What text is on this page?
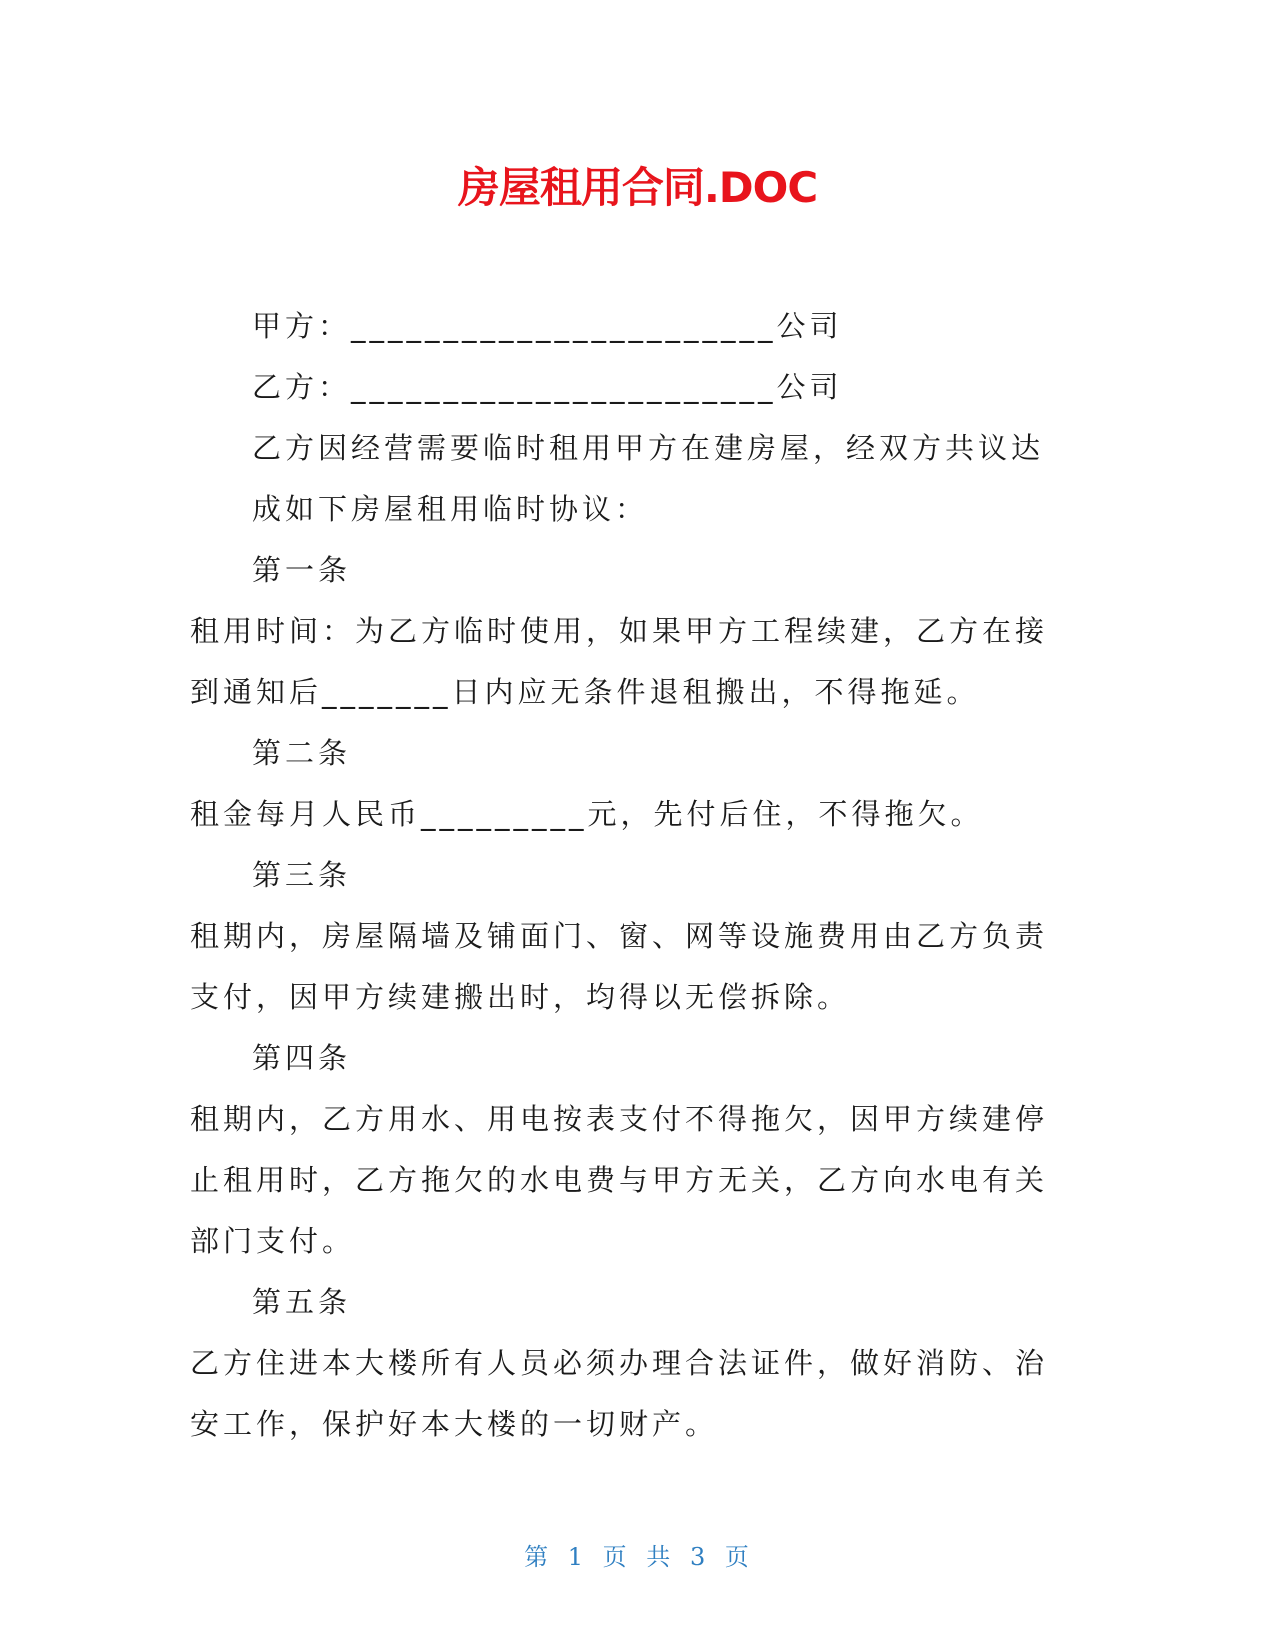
房屋租用合同.DOC

甲方：_______________________公司

乙方：_______________________公司

乙方因经营需要临时租用甲方在建房屋，经双方共议达成如下房屋租用临时协议：

第一条

租用时间：为乙方临时使用，如果甲方工程续建，乙方在接到通知后_______日内应无条件退租搬出，不得拖延。

第二条

租金每月人民币_________元，先付后住，不得拖欠。

第三条

租期内，房屋隔墙及铺面门、窗、网等设施费用由乙方负责支付，因甲方续建搬出时，均得以无偿拆除。

第四条

租期内，乙方用水、用电按表支付不得拖欠，因甲方续建停止租用时，乙方拖欠的水电费与甲方无关，乙方向水电有关部门支付。

第五条

乙方住进本大楼所有人员必须办理合法证件，做好消防、治安工作，保护好本大楼的一切财产。

第 1 页 共 3 页
